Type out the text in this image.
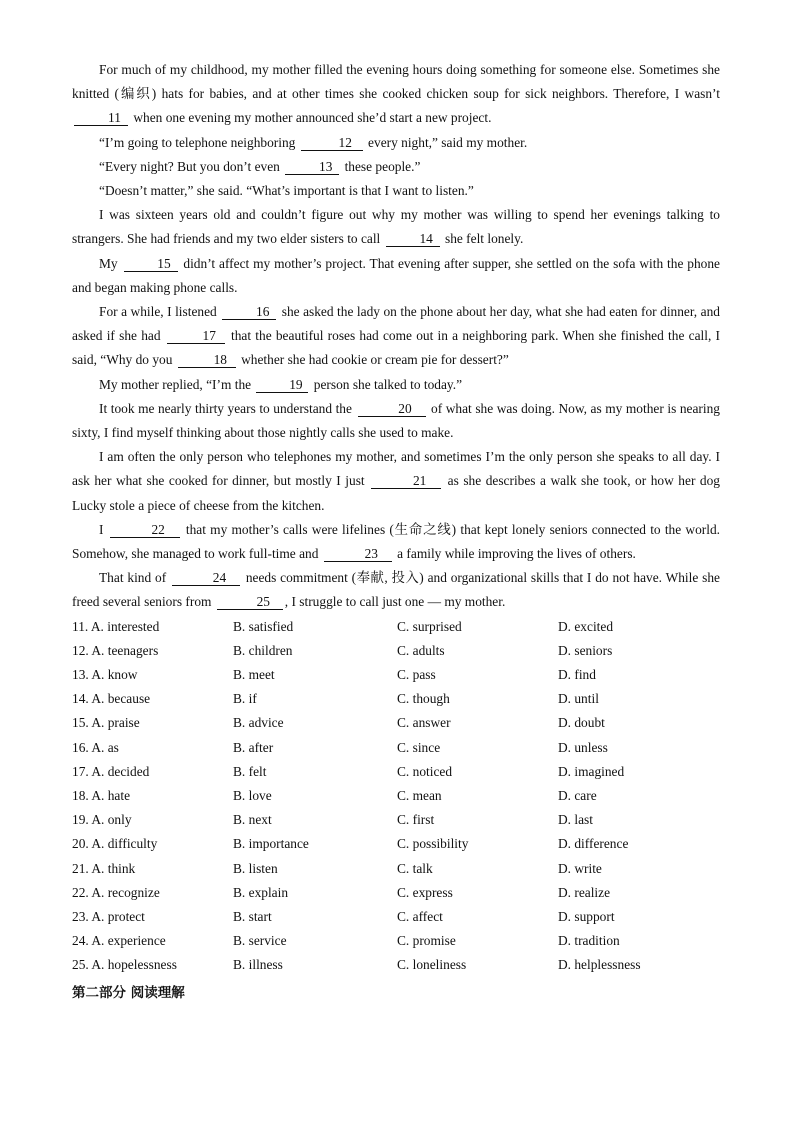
For much of my childhood, my mother filled the evening hours doing something for someone else. Sometimes she knitted (编织) hats for babies, and at other times she cooked chicken soup for sick neighbors. Therefore, I wasn’t 11 when one evening my mother announced she’d start a new project.

“I’m going to telephone neighboring	12 every night,” said my mother.

“Every night? But you don’t even	13 these people.”

“Doesn’t matter,” she said. “What’s important is that I want to listen.”

I was sixteen years old and couldn’t figure out why my mother was willing to spend her evenings talking to strangers. She had friends and my two elder sisters to call	14 she felt lonely.

My	15 didn’t affect my mother’s project. That evening after supper, she settled on the sofa with the phone and began making phone calls.

For a while, I listened	16 she asked the lady on the phone about her day, what she had eaten for dinner, and asked if she had	17 that the beautiful roses had come out in a neighboring park. When she finished the call, I said, “Why do you	18 whether she had cookie or cream pie for dessert?”

My mother replied, “I’m the	19 person she talked to today.”

It took me nearly thirty years to understand the	20 of what she was doing. Now, as my mother is nearing sixty, I find myself thinking about those nightly calls she used to make.

I am often the only person who telephones my mother, and sometimes I’m the only person she speaks to all day. I ask her what she cooked for dinner, but mostly I just	21 as she describes a walk she took, or how her dog Lucky stole a piece of cheese from the kitchen.

I	22 that my mother’s calls were lifelines (生命之线) that kept lonely seniors connected to the world. Somehow, she managed to work full-time and	23 a family while improving the lives of others.

That kind of	24 needs commitment (奉献, 投入) and organizational skills that I do not have. While she freed several seniors from	25 , I struggle to call just one — my mother.

11. A. interested	B. satisfied	C. surprised	D. excited
12. A. teenagers	B. children	C. adults	D. seniors
13. A. know	B. meet	C. pass	D. find
14. A. because	B. if	C. though	D. until
15. A. praise	B. advice	C. answer	D. doubt
16. A. as	B. after	C. since	D. unless
17. A. decided	B. felt	C. noticed	D. imagined
18. A. hate	B. love	C. mean	D. care
19. A. only	B. next	C. first	D. last
20. A. difficulty	B. importance	C. possibility	D. difference
21. A. think	B. listen	C. talk	D. write
22. A. recognize	B. explain	C. express	D. realize
23. A. protect	B. start	C. affect	D. support
24. A. experience	B. service	C. promise	D. tradition
25. A. hopelessness	B. illness	C. loneliness	D. helplessness
第二部分 阅读理解
